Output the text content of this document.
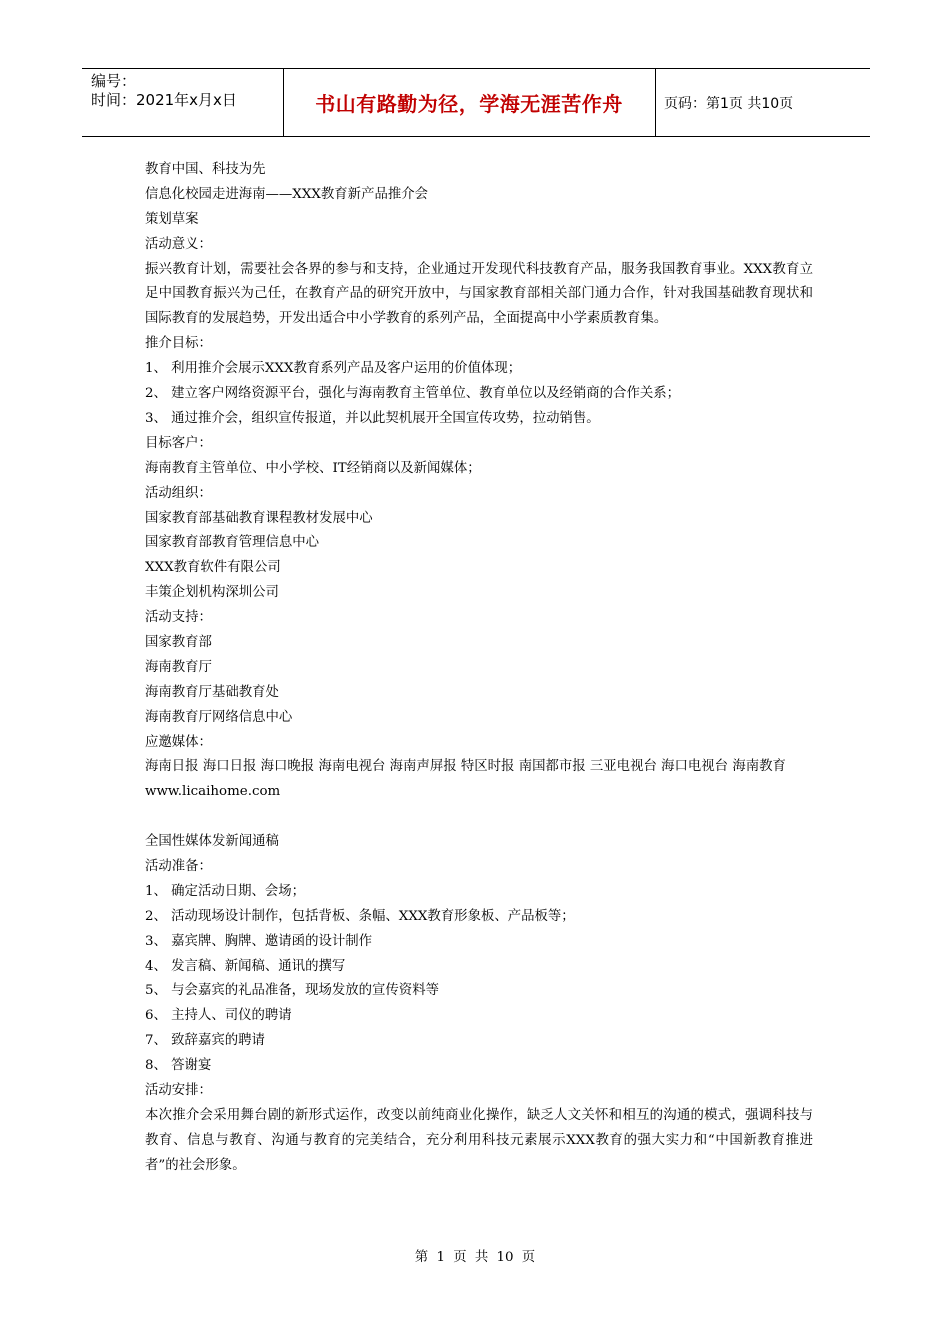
编号：
时间：2021年x月x日	书山有路勤为径，学海无涯苦作舟	页码：第1页 共10页
教育中国、科技为先
信息化校园走进海南——XXX教育新产品推介会
策划草案
活动意义：
振兴教育计划，需要社会各界的参与和支持，企业通过开发现代科技教育产品，服务我国教育事业。XXX教育立足中国教育振兴为己任，在教育产品的研究开放中，与国家教育部相关部门通力合作，针对我国基础教育现状和国际教育的发展趋势，开发出适合中小学教育的系列产品，全面提高中小学素质教育集。
推介目标：
1、 利用推介会展示XXX教育系列产品及客户运用的价值体现；
2、 建立客户网络资源平台，强化与海南教育主管单位、教育单位以及经销商的合作关系；
3、 通过推介会，组织宣传报道，并以此契机展开全国宣传攻势，拉动销售。
目标客户：
海南教育主管单位、中小学校、IT经销商以及新闻媒体；
活动组织：
国家教育部基础教育课程教材发展中心
国家教育部教育管理信息中心
XXX教育软件有限公司
丰策企划机构深圳公司
活动支持：
国家教育部
海南教育厅
海南教育厅基础教育处
海南教育厅网络信息中心
应邀媒体：
海南日报 海口日报 海口晚报 海南电视台 海南声屏报 特区时报 南国都市报 三亚电视台 海口电视台 海南教育
www.licaihome.com
全国性媒体发新闻通稿
活动准备：
1、 确定活动日期、会场；
2、 活动现场设计制作，包括背板、条幅、XXX教育形象板、产品板等；
3、 嘉宾牌、胸牌、邀请函的设计制作
4、 发言稿、新闻稿、通讯的撰写
5、 与会嘉宾的礼品准备，现场发放的宣传资料等
6、 主持人、司仪的聘请
7、 致辞嘉宾的聘请
8、 答谢宴
活动安排：
本次推介会采用舞台剧的新形式运作，改变以前纯商业化操作，缺乏人文关怀和相互的沟通的模式，强调科技与教育、信息与教育、沟通与教育的完美结合，充分利用科技元素展示XXX教育的强大实力和“中国新教育推进者”的社会形象。
第 1 页 共 10 页
